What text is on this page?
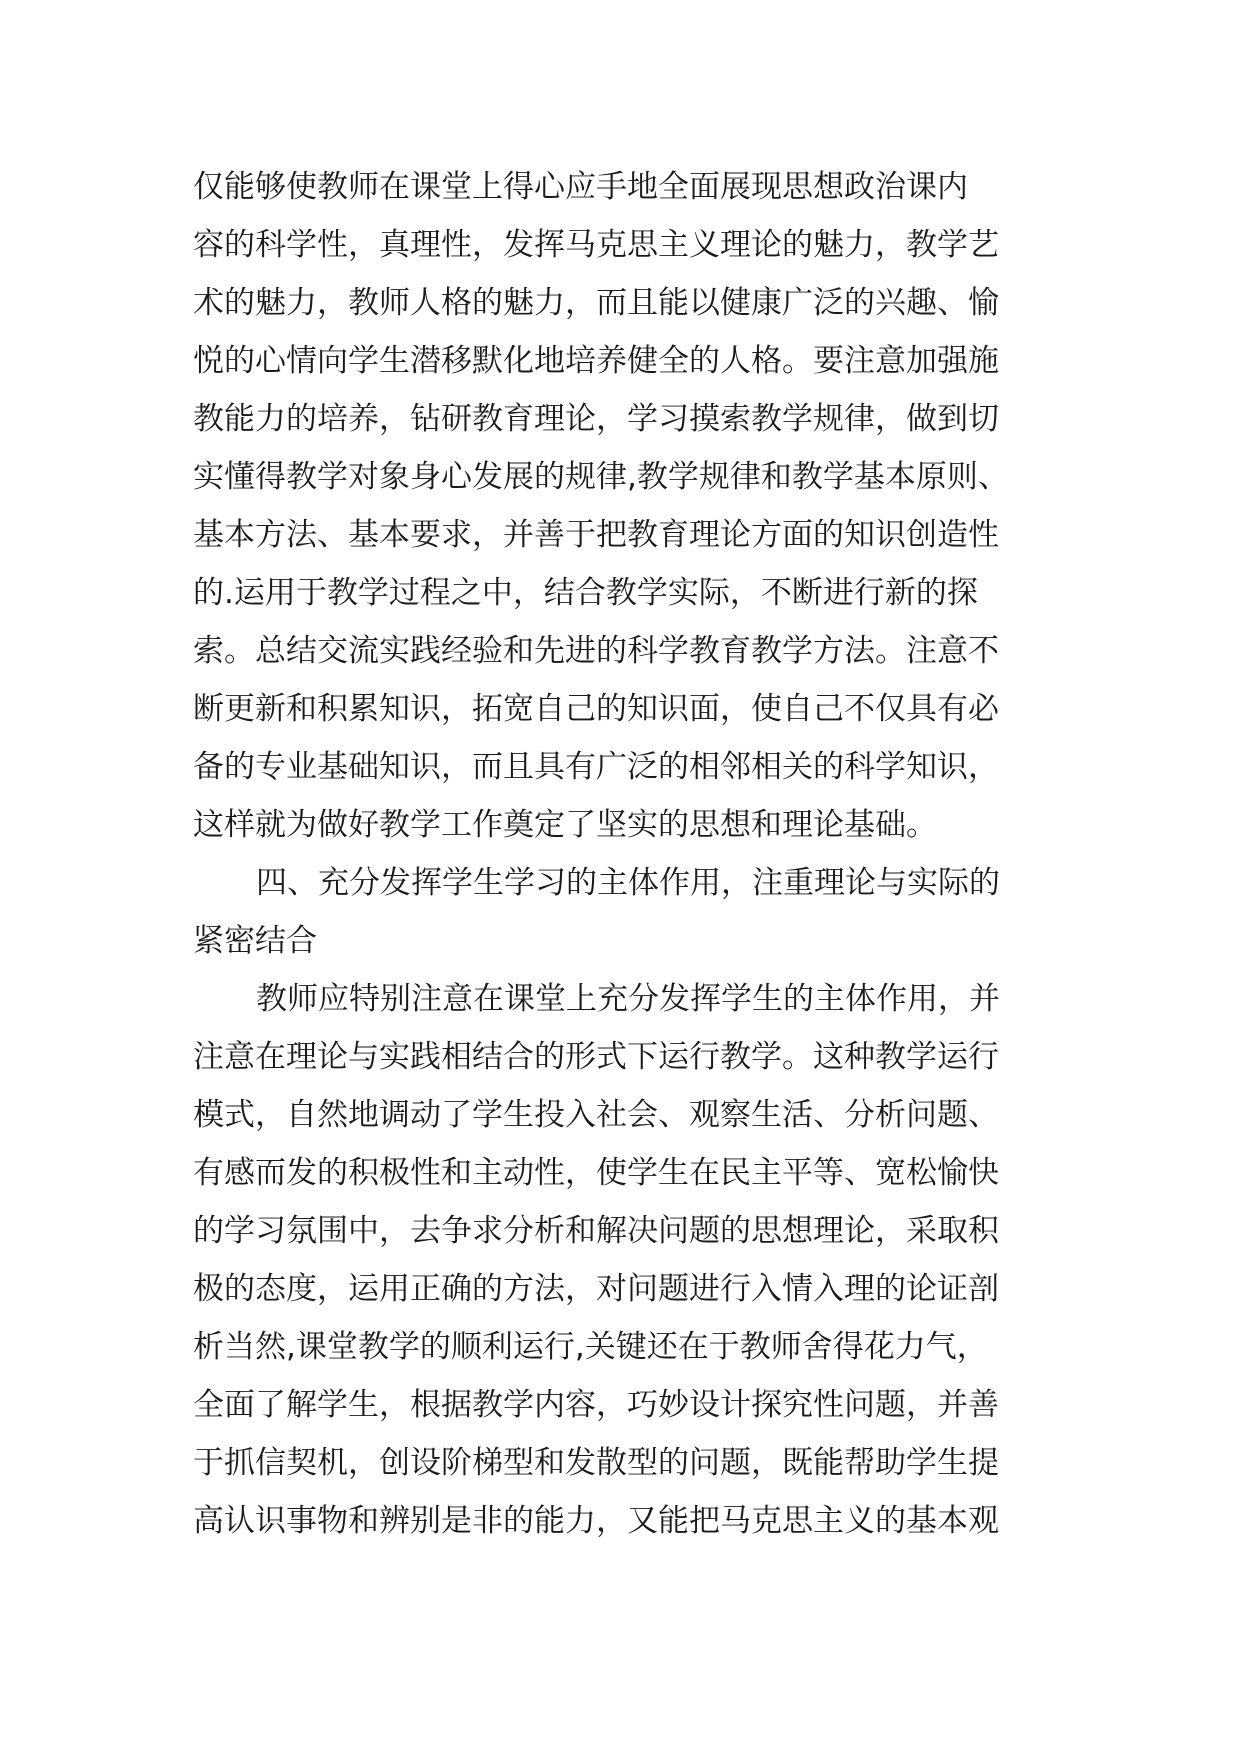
仅能够使教师在课堂上得心应手地全面展现思想政治课内

容的科学性，真理性，发挥马克思主义理论的魅力，教学艺

术的魅力，教师人格的魅力，而且能以健康广泛的兴趣、愉

悦的心情向学生潜移默化地培养健全的人格。要注意加强施

教能力的培养，钻研教育理论，学习摸索教学规律，做到切

实懂得教学对象身心发展的规律,教学规律和教学基本原则、

基本方法、基本要求，并善于把教育理论方面的知识创造性

的.运用于教学过程之中，结合教学实际，不断进行新的探

索。总结交流实践经验和先进的科学教育教学方法。注意不

断更新和积累知识，拓宽自己的知识面，使自己不仅具有必

备的专业基础知识，而且具有广泛的相邻相关的科学知识，

这样就为做好教学工作奠定了坚实的思想和理论基础。

四、充分发挥学生学习的主体作用，注重理论与实际的

紧密结合

教师应特别注意在课堂上充分发挥学生的主体作用，并

注意在理论与实践相结合的形式下运行教学。这种教学运行

模式，自然地调动了学生投入社会、观察生活、分析问题、

有感而发的积极性和主动性，使学生在民主平等、宽松愉快

的学习氛围中，去争求分析和解决问题的思想理论，采取积

极的态度，运用正确的方法，对问题进行入情入理的论证剖

析当然,课堂教学的顺利运行,关键还在于教师舍得花力气，

全面了解学生，根据教学内容，巧妙设计探究性问题，并善

于抓信契机，创设阶梯型和发散型的问题，既能帮助学生提

高认识事物和辨别是非的能力，又能把马克思主义的基本观
